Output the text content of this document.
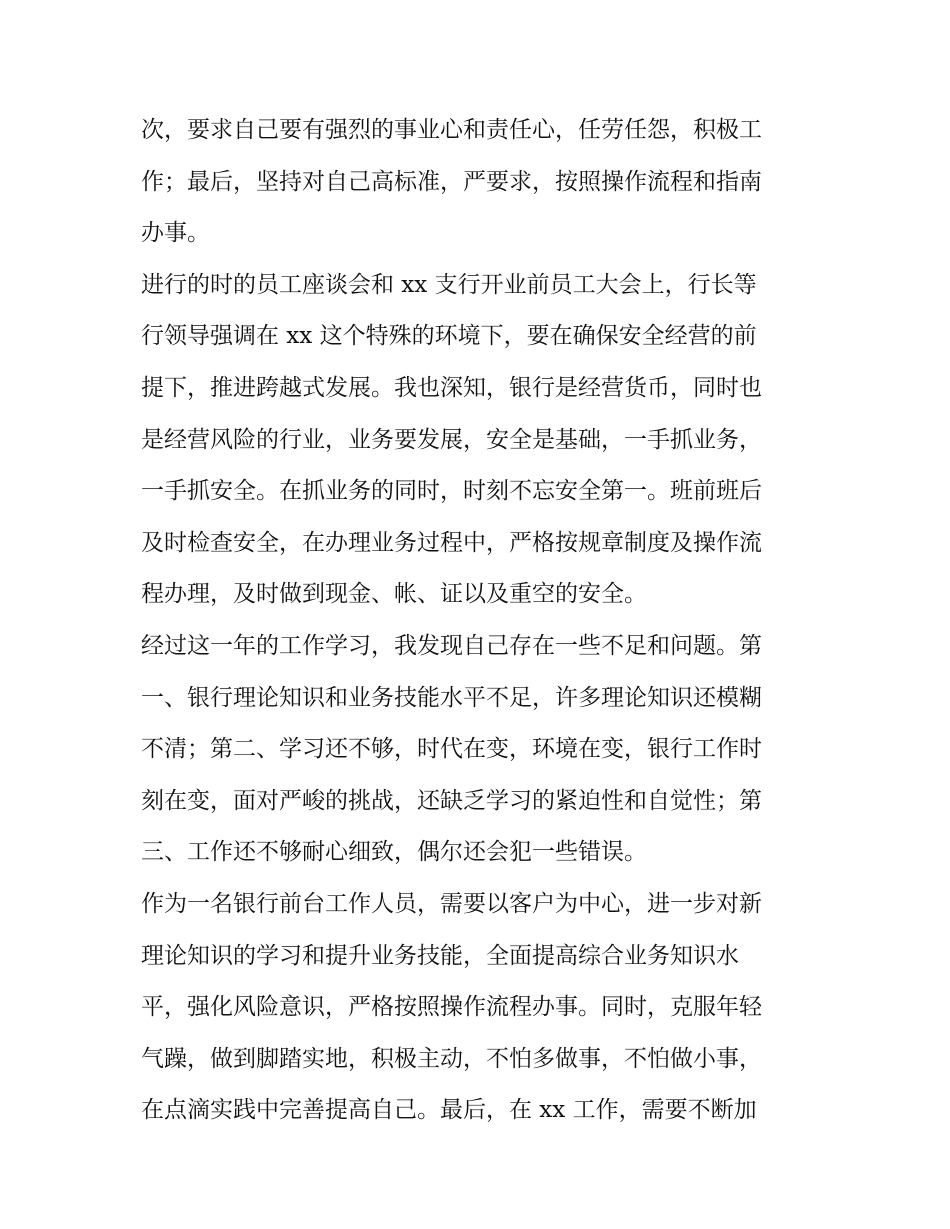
次，要求自己要有强烈的事业心和责任心，任劳任怨，积极工
作；最后，坚持对自己高标准，严要求，按照操作流程和指南
办事。
进行的时的员工座谈会和 xx 支行开业前员工大会上，行长等
行领导强调在 xx 这个特殊的环境下，要在确保安全经营的前
提下，推进跨越式发展。我也深知，银行是经营货币，同时也
是经营风险的行业，业务要发展，安全是基础，一手抓业务，
一手抓安全。在抓业务的同时，时刻不忘安全第一。班前班后
及时检查安全，在办理业务过程中，严格按规章制度及操作流
程办理，及时做到现金、帐、证以及重空的安全。
经过这一年的工作学习，我发现自己存在一些不足和问题。第
一、银行理论知识和业务技能水平不足，许多理论知识还模糊
不清；第二、学习还不够，时代在变，环境在变，银行工作时
刻在变，面对严峻的挑战，还缺乏学习的紧迫性和自觉性；第
三、工作还不够耐心细致，偶尔还会犯一些错误。
作为一名银行前台工作人员，需要以客户为中心，进一步对新
理论知识的学习和提升业务技能，全面提高综合业务知识水
平，强化风险意识，严格按照操作流程办事。同时，克服年轻
气躁，做到脚踏实地，积极主动，不怕多做事，不怕做小事，
在点滴实践中完善提高自己。最后，在 xx 工作，需要不断加
